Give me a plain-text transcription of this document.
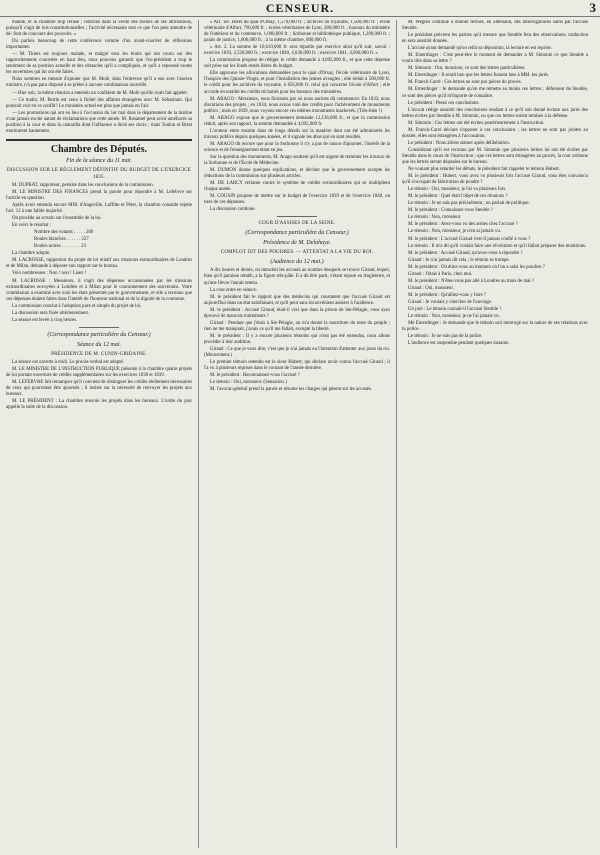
CENSEUR.	3

mandé, et la chambre trop refusé ; rentrons dans la vérité des bornes de ses attributions, puisqu'il s'agit de lois constitutionnelles ; l'activité nécessaire tout ce que l'on peut attendre de dé- font de concours des pouvoirs. »

Du parlois beaucoup de cette conférence comme d'un avant-courrier de réflexions importantes.

— M. Thiers est toujours malade, et malgré tous les bruits qui ont couru sur des rapprochements concertés en haut lieu, nous pouvons garantir que l'ex-président a trop le sentiment de sa position actuelle et des obstacles qu'il a compliqués, et qu'il a repoussé toutes les ouvertures qui lui ont été faites.

Nous sommes en mesure d'ajouter que M. Molé, dans l'entrevue qu'il a eue avec l'ancien ministre, n'a pas paru disposé à se prêter à aucune combinaison nouvelle.

— Hier soir, la même réunion a entendu un confident de M. Molé qu'elle avait fait appeler.

— Ce matin, M. Bertin est venu à l'hôtel des affaires étrangères avec M. Sébastiani. Qui pourrait voir en ce conflit? Le ministère actuel est plus que jamais en l'air.

— Les promotions qui ont eu lieu à l'occasion du 1er mai dans le département de la marine n'ont jamais excité autant de réclamations que cette année. M. Rosamel peut avoir améliorés sa position à la cour et dans la camarilla dont l'influence a dicté ses choix ; mais Toulon et Brest murmurent hautement.

Chambre des Députés.
Fin de la séance du 11 mai.
DISCUSSION SUR LE RÈGLEMENT DÉFINITIF DU BUDGET DE L'EXERCICE 1835.

M. DUPRAT, rapporteur, persiste dans les conclusions de la commission.

M. LE MINISTRE DES FINANCES prend la parole pour répondre à M. Lefebvre sur l'article en question.

Après avoir entendu encore MM. d'Angeville, Laffitte et Pelet, la chambre consulte rejette l'art. 12 à une faible majorité.

On procède au scrutin sur l'ensemble de la loi.

En voici le résultat :

Nombre des votants . . . . . 260

Boules blanches . . . . . . 227

Boules noires . . . . . . . . 23

La chambre adopte.

M. LACROSSE, rapporteur du projet de loi relatif aux missions extraordinaires de Londres et de Milan, demande à déposer son rapport sur le bureau.

Voix nombreuses : Non ! non ! Lisez !

M. LACROSSE : Messieurs, il s'agit des dépenses occasionnées par les missions extraordinaires envoyées à Londres et à Milan pour le couronnement des souverains. Votre commission a examiné avec soin les états présentés par le gouvernement, et elle a reconnu que ces dépenses étaient faites dans l'intérêt de l'honneur national et de la dignité de la couronne.

La commission conclut à l'adoption pure et simple du projet de loi.

La discussion sera fixée ultérieurement.

La séance est levée à cinq heures.

(Correspondance particulière du Censeur.)
Séance du 12 mai.
PRÉSIDENCE DE M. CUNIN-GRIDAINE.

La séance est ouverte à midi. Le procès-verbal est adopté.

M. LE MINISTRE DE L'INSTRUCTION PUBLIQUE présente à la chambre quatre projets de loi portant ouverture de crédits supplémentaires sur les exercices 1838 et 1839.

M. LEFEBVRE fait remarquer qu'il convient de distinguer les crédits réellement nécessaires de ceux qui pourraient être ajournés ; il insiste sur la nécessité de renvoyer les projets aux bureaux.

M. LE PRÉSIDENT : La chambre renvoie les projets dans les bureaux. L'ordre du jour appelle la suite de la discussion.

« Art. 1er. Hôtel du quai d'Orsay, 1,570,000 fr. ; archives du royaume, 1,500,000 fr. ; école vétérinaire d'Alfort, 760,000 fr. ; écoles vétérinaires de Lyon, 280,000 fr. ; bureaux du ministère de l'intérieur et du commerce, 1,000,000 fr. ; Sorbonne et bibliothèque publique, 1,200,000 fr. ; palais de justice, 1,000,000 fr. ; à la même chambre, 800,000 fr.

« Art. 2. La somme de 10,610,000 fr. sera répartie par exercice ainsi qu'il suit, savoir : exercice 1839, 2,520,000 fr. ; exercice 1840, 4,030,000 fr. ; exercice 1841, 4,060,000 fr. »

La commission propose de rédiger le crédit demandé à 4,092,000 fr., et que cette dépense soit prise sur les fonds restés libres du budget.

Elle approuve les allocations demandées pour le quai d'Orsay, l'école vétérinaire de Lyon, l'hospice des Quinze-Vingts, et pour l'installation des jeunes aveugles ; elle réduit à 500,000 fr. le crédit pour les archives du royaume, à 656,000 fr. celui qui concerne l'école d'Alfort ; elle accorde en totalité les crédits réclamés pour les bureaux des ministères.

M. ARAGO : Messieurs, nous finissons par où nous aurions dû commencer. En 1833, nous discutions des projets ; en 1834, nous avons voté des crédits pour l'achèvement de monuments publics ; mais en 1839, nous voyons encore ces mêmes monuments inachevés. (Très-bien !)

M. ARAGO expose que le gouvernement demande 12,136,000 fr., et que la commission réduit, après son rapport, la somme demandée à 4,092,000 fr.

L'orateur entre ensuite dans de longs détails sur la manière dont ont été administrés les travaux publics depuis quelques années, et il signale les abus qui en sont résultés.

M. ARAGO dit encore que pour la Sorbonne il n'y a pas de raison d'ajourner, l'intérêt de la science et de l'enseignement étant en jeu.

Sur la question des monuments, M. Arago soutient qu'il est urgent de terminer les travaux de la Sorbonne et de l'École de Médecine.

M. DUMON donne quelques explications, et déclare que le gouvernement accepte les réductions de la commission sur plusieurs articles.

M. DE LARCY réclame contre le système de crédits extraordinaires qui se multiplient chaque année.

M. COUSIN propose de mettre sur le budget de l'exercice 1839 et de l'exercice 1840, un tiers de ces dépenses.

La discussion continue.

COUR D'ASSISES DE LA SEINE.
(Correspondance particulière du Censeur.)
Présidence de M. Delahaye.
COMPLOT DIT DES POUDRES. — ATTENTAT A LA VIE DU ROI.
(Audience du 12 mai.)

A dix heures et demie, on introduit les accusés au nombre desquels se trouve Giraud, lequel, bien qu'il paraisse rétabli, a la figure très-pâle. Il a dit être parti, s'étant reposé en Angleterre, et qu'une fièvre l'aurait retenu.

La cour entre en séance.

M. le président fait le rapport que des médecins qui constatent que l'accusé Giraud est aujourd'hui dans un état satisfaisant, et qu'il peut sans inconvénient assister à l'audience.

M. le président : Accusé Giraud, était-il vrai que dans la prison de Ste-Pélagie, vous ayez éprouvé de mauvais traitements ?

Giraud : Pendant que j'étais à Ste-Pélagie, on m'a donné la nourriture du reste du peuple ; rien ne me manquait, j'avais ce qu'il me fallait, excepté la liberté.

M. le président : Il y a encore plusieurs témoins qui n'ont pas été entendus, nous allons procéder à leur audition.

Giraud : Ce que je veux dire, c'est que je n'ai jamais eu l'intention d'attenter aux jours du roi. (Mouvement.)

Le premier témoin entendu est le sieur Hubert, qui déclare avoir connu l'accusé Giraud ; il l'a vu à plusieurs reprises dans le courant de l'année dernière.

M. le président : Reconnaissez-vous l'accusé ?

Le témoin : Oui, monsieur. (Sensation.)

M. l'avocat-général prend la parole et résume les charges qui pèsent sur les accusés.

M. Wegner continue à donner lecture, en allemand, des interrogatoires subis par l'accusé Steuble.

Le président prévient les parties qu'à mesure que Steuble fera des observations, traduction en sera aussitôt donnée.

L'accusé ayant demandé qu'on relût sa déposition, la lecture en est reprise.

M. Emerdinger : C'est peut-être le moment de demander à M. Simonin ce que Steuble a voulu dire dans sa lettre ?

M. Simonin : Oui, monsieur, ce sont des lettres particulières.

M. Emerdinger : Il serait bon que les lettres fussent lues à MM. les jurés.

M. Franck-Carré : Ces lettres ne sont pas pièces du procès.

M. Emerdinger : Je demande qu'on me remette au moins ces lettres ; défenseur de Steuble, ce sont des pièces qu'il m'importe de connaître.

Le président : Pesez ces conclusions.

L'avocat rédige aussitôt des conclusions tendant à ce qu'il soit donné lecture aux jurés des lettres écrites par Steuble à M. Simonin, ou que ces lettres soient remises à la défense.

M. Simonin : Ces lettres ont été écrites postérieurement à l'instruction.

M. Franck-Carré déclare s'opposer à ces conclusions ; les lettres ne sont pas jointes au dossier, elles sont étrangères à l'accusation.

Le président : Nous allons statuer après délibération.

Considérant qu'il est reconnu par M. Simonin que plusieurs lettres lui ont été écrites par Steuble dans le cours de l'instruction ; que ces lettres sont étrangères au procès, la cour ordonne que les lettres seront déposées sur le bureau.

Ne voulant plus retarder les débats, le président fait rappeler le témoin Hubert.

M. le président : Hubert, vous avez vu plusieurs fois l'accusé Giraud, vous êtes convaincu qu'il s'occupait de fabrication de poudre ?

Le témoin : Oui, monsieur, je l'ai vu plusieurs fois.

M. le président : Quel était l'objet de ces réunions ?

Le témoin : Je ne sais pas précisément ; on parlait de politique.

M. le président : Connaissez-vous Steuble ?

Le témoin : Non, monsieur.

M. le président : Avez-vous vu des armes chez l'accusé ?

Le témoin : Non, monsieur, je n'en ai jamais vu.

M. le président : L'accusé Giraud s'est-il jamais confié à vous ?

Le témoin : Il m'a dit qu'il voulait faire une révolution et qu'il fallait préparer des munitions.

M. le président : Accusé Giraud, qu'avez-vous à répondre ?

Giraud : Je n'ai jamais dit cela ; le témoin se trompe.

M. le président : Où étiez-vous au moment où l'on a saisi les poudres ?

Giraud : J'étais à Paris, chez moi.

M. le président : N'êtes-vous pas allé à Londres au mois de mai ?

Giraud : Oui, monsieur.

M. le président : Qu'alliez-vous y faire ?

Giraud : Je voulais y chercher de l'ouvrage.

Un juré : Le témoin connaît-il l'accusé Steuble ?

Le témoin : Non, monsieur, je ne l'ai jamais vu.

Me Emerdinger : Je demande que le témoin soit interrogé sur la nature de ses relations avec la police.

Le témoin : Je ne suis pas de la police.

L'audience est suspendue pendant quelques instants.
